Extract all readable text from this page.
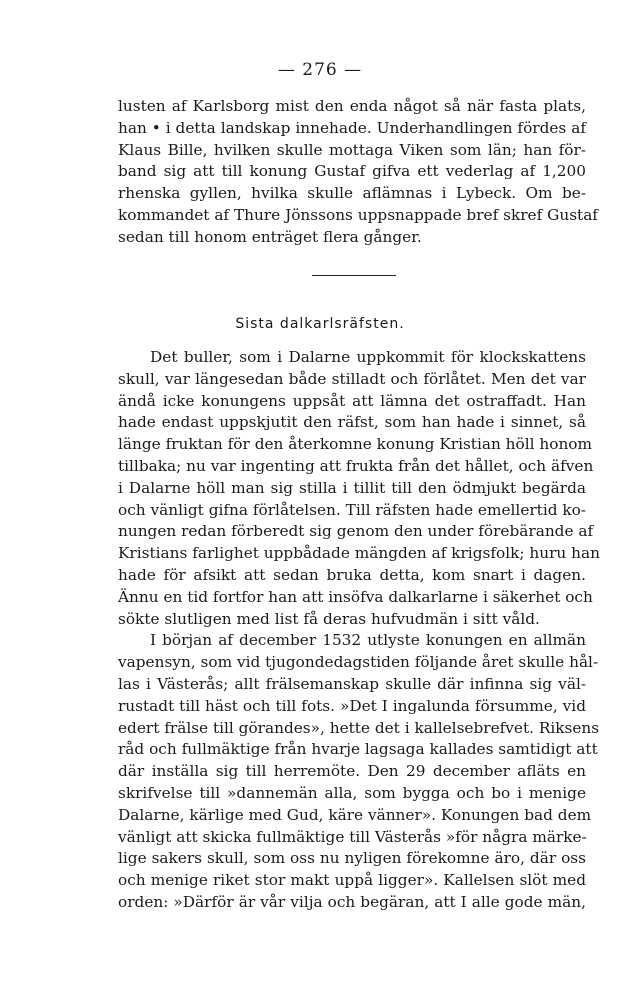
— 276 —
lusten af Karlsborg mist den enda något så när fasta plats,
han • i detta landskap innehade. Underhandlingen fördes af
Klaus Bille, hvilken skulle mottaga Viken som län; han för-
band sig att till konung Gustaf gifva ett vederlag af 1,200
rhenska gyllen, hvilka skulle aflämnas i Lybeck. Om be-
kommandet af Thure Jönssons uppsnappade bref skref Gustaf
sedan till honom enträget flera gånger.
Sista dalkarlsräfsten.
Det buller, som i Dalarne uppkommit för klockskattens
skull, var längesedan både stilladt och förlåtet. Men det var
ändå icke konungens uppsåt att lämna det ostraffadt. Han
hade endast uppskjutit den räfst, som han hade i sinnet, så
länge fruktan för den återkomne konung Kristian höll honom
tillbaka; nu var ingenting att frukta från det hållet, och äfven
i Dalarne höll man sig stilla i tillit till den ödmjukt begärda
och vänligt gifna förlåtelsen. Till räfsten hade emellertid ko-
nungen redan förberedt sig genom den under förebärande af
Kristians farlighet uppbådade mängden af krigsfolk; huru han
hade för afsikt att sedan bruka detta, kom snart i dagen.
Ännu en tid fortfor han att insöfva dalkarlarne i säkerhet och
sökte slutligen med list få deras hufvudmän i sitt våld.
I början af december 1532 utlyste konungen en allmän
vapensyn, som vid tjugondedagstiden följande året skulle hål-
las i Västerås; allt frälsemanskap skulle där infinna sig väl-
rustadt till häst och till fots. »Det I ingalunda försumme, vid
edert frälse till görandes», hette det i kallelsebrefvet. Riksens
råd och fullmäktige från hvarje lagsaga kallades samtidigt att
där inställa sig till herremöte. Den 29 december afläts en
skrifvelse till »dannemän alla, som bygga och bo i menige
Dalarne, kärlige med Gud, käre vänner». Konungen bad dem
vänligt att skicka fullmäktige till Västerås »för några märke-
lige sakers skull, som oss nu nyligen förekomne äro, där oss
och menige riket stor makt uppå ligger». Kallelsen slöt med
orden: »Därför är vår vilja och begäran, att I alle gode män,
